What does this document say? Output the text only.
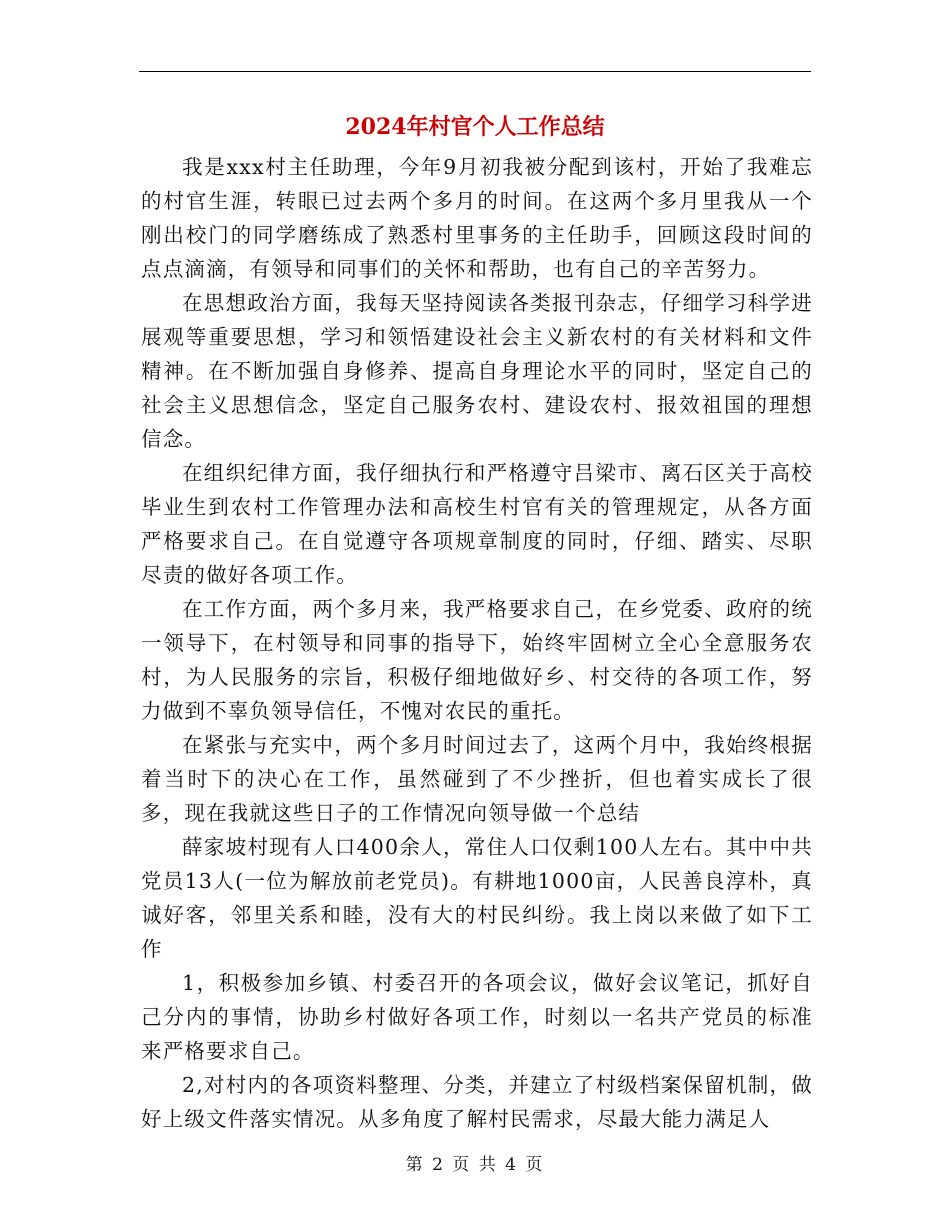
2024年村官个人工作总结

我是xxx村主任助理，今年9月初我被分配到该村，开始了我难忘的村官生涯，转眼已过去两个多月的时间。在这两个多月里我从一个刚出校门的同学磨练成了熟悉村里事务的主任助手，回顾这段时间的点点滴滴，有领导和同事们的关怀和帮助，也有自己的辛苦努力。

在思想政治方面，我每天坚持阅读各类报刊杂志，仔细学习科学进展观等重要思想，学习和领悟建设社会主义新农村的有关材料和文件精神。在不断加强自身修养、提高自身理论水平的同时，坚定自己的社会主义思想信念，坚定自己服务农村、建设农村、报效祖国的理想信念。

在组织纪律方面，我仔细执行和严格遵守吕梁市、离石区关于高校毕业生到农村工作管理办法和高校生村官有关的管理规定，从各方面严格要求自己。在自觉遵守各项规章制度的同时，仔细、踏实、尽职尽责的做好各项工作。

在工作方面，两个多月来，我严格要求自己，在乡党委、政府的统一领导下，在村领导和同事的指导下，始终牢固树立全心全意服务农村，为人民服务的宗旨，积极仔细地做好乡、村交待的各项工作，努力做到不辜负领导信任，不愧对农民的重托。

在紧张与充实中，两个多月时间过去了，这两个月中，我始终根据着当时下的决心在工作，虽然碰到了不少挫折，但也着实成长了很多，现在我就这些日子的工作情况向领导做一个总结

薛家坡村现有人口400余人，常住人口仅剩100人左右。其中中共党员13人(一位为解放前老党员)。有耕地1000亩，人民善良淳朴，真诚好客，邻里关系和睦，没有大的村民纠纷。我上岗以来做了如下工作

1，积极参加乡镇、村委召开的各项会议，做好会议笔记，抓好自己分内的事情，协助乡村做好各项工作，时刻以一名共产党员的标准来严格要求自己。

2,对村内的各项资料整理、分类，并建立了村级档案保留机制，做好上级文件落实情况。从多角度了解村民需求，尽最大能力满足人

第 2 页 共 4 页
